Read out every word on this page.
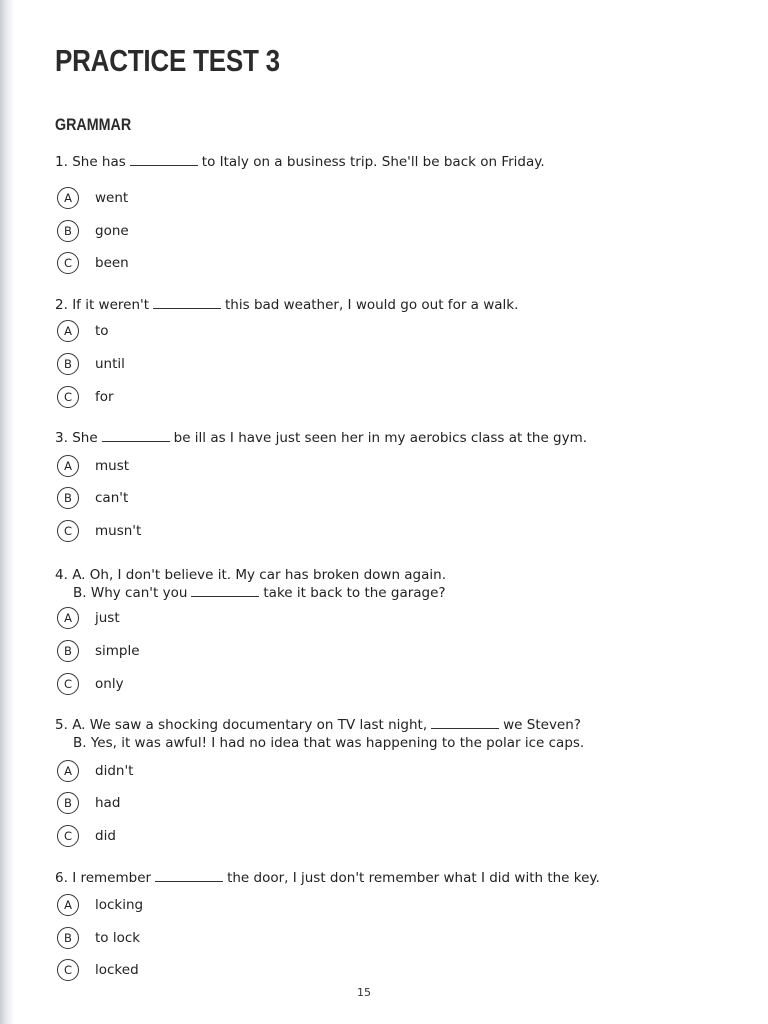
PRACTICE TEST 3
GRAMMAR
1. She has	to Italy on a business trip. She'll be back on Friday.
A	went
B	gone
C	been
2. If it weren't	this bad weather, I would go out for a walk.
A	to
B	until
C	for
3. She	be ill as I have just seen her in my aerobics class at the gym.
A	must
B	can't
C	musn't
4. A. Oh, I don't believe it. My car has broken down again.
B. Why can't you	take it back to the garage?
A	just
B	simple
C	only
5. A. We saw a shocking documentary on TV last night,	we Steven?
B. Yes, it was awful! I had no idea that was happening to the polar ice caps.
A	didn't
B	had
C	did
6. I remember	the door, I just don't remember what I did with the key.
A	locking
B	to lock
C	locked
15
